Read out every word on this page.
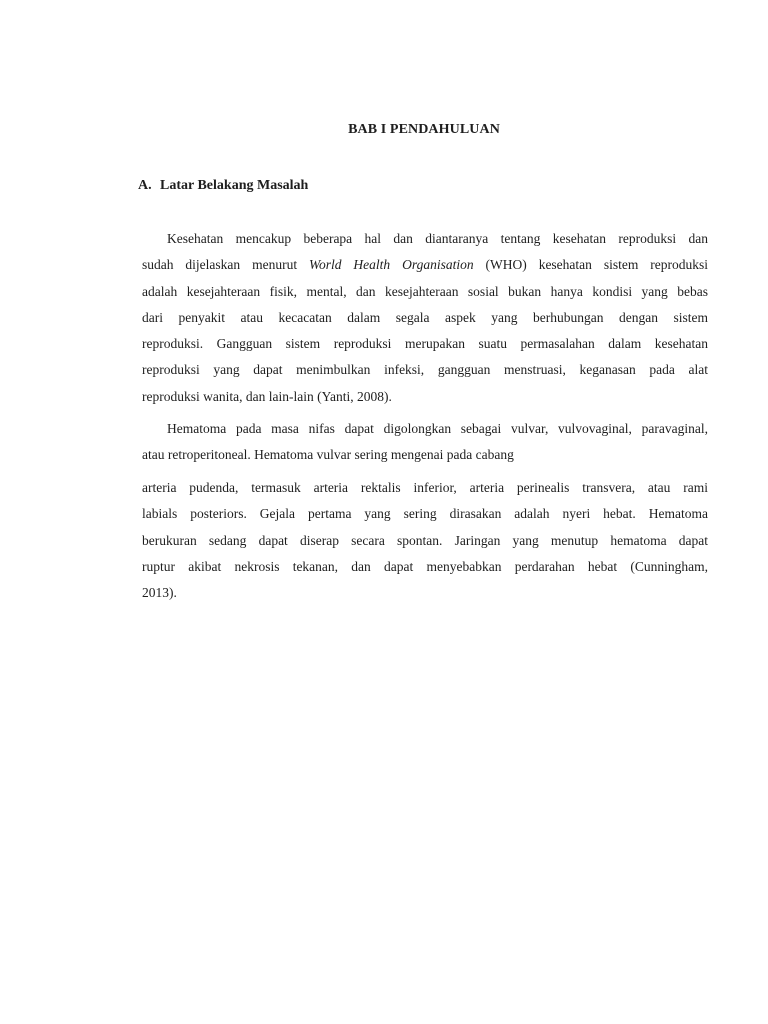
BAB I PENDAHULUAN
A. Latar Belakang Masalah
Kesehatan mencakup beberapa hal dan diantaranya tentang kesehatan reproduksi dan
sudah dijelaskan menurut World Health Organisation (WHO) kesehatan sistem reproduksi
adalah kesejahteraan fisik, mental, dan kesejahteraan sosial bukan hanya kondisi yang bebas
dari penyakit atau kecacatan dalam segala aspek yang berhubungan dengan sistem
reproduksi. Gangguan sistem reproduksi merupakan suatu permasalahan dalam kesehatan
reproduksi yang dapat menimbulkan infeksi, gangguan menstruasi, keganasan pada alat
reproduksi wanita, dan lain-lain (Yanti, 2008).
Hematoma pada masa nifas dapat digolongkan sebagai vulvar, vulvovaginal, paravaginal,
atau retroperitoneal. Hematoma vulvar sering mengenai pada cabang
arteria pudenda, termasuk arteria rektalis inferior, arteria perinealis transvera, atau rami
labials posteriors. Gejala pertama yang sering dirasakan adalah nyeri hebat. Hematoma
berukuran sedang dapat diserap secara spontan. Jaringan yang menutup hematoma dapat
ruptur akibat nekrosis tekanan, dan dapat menyebabkan perdarahan hebat (Cunningham,
2013).
